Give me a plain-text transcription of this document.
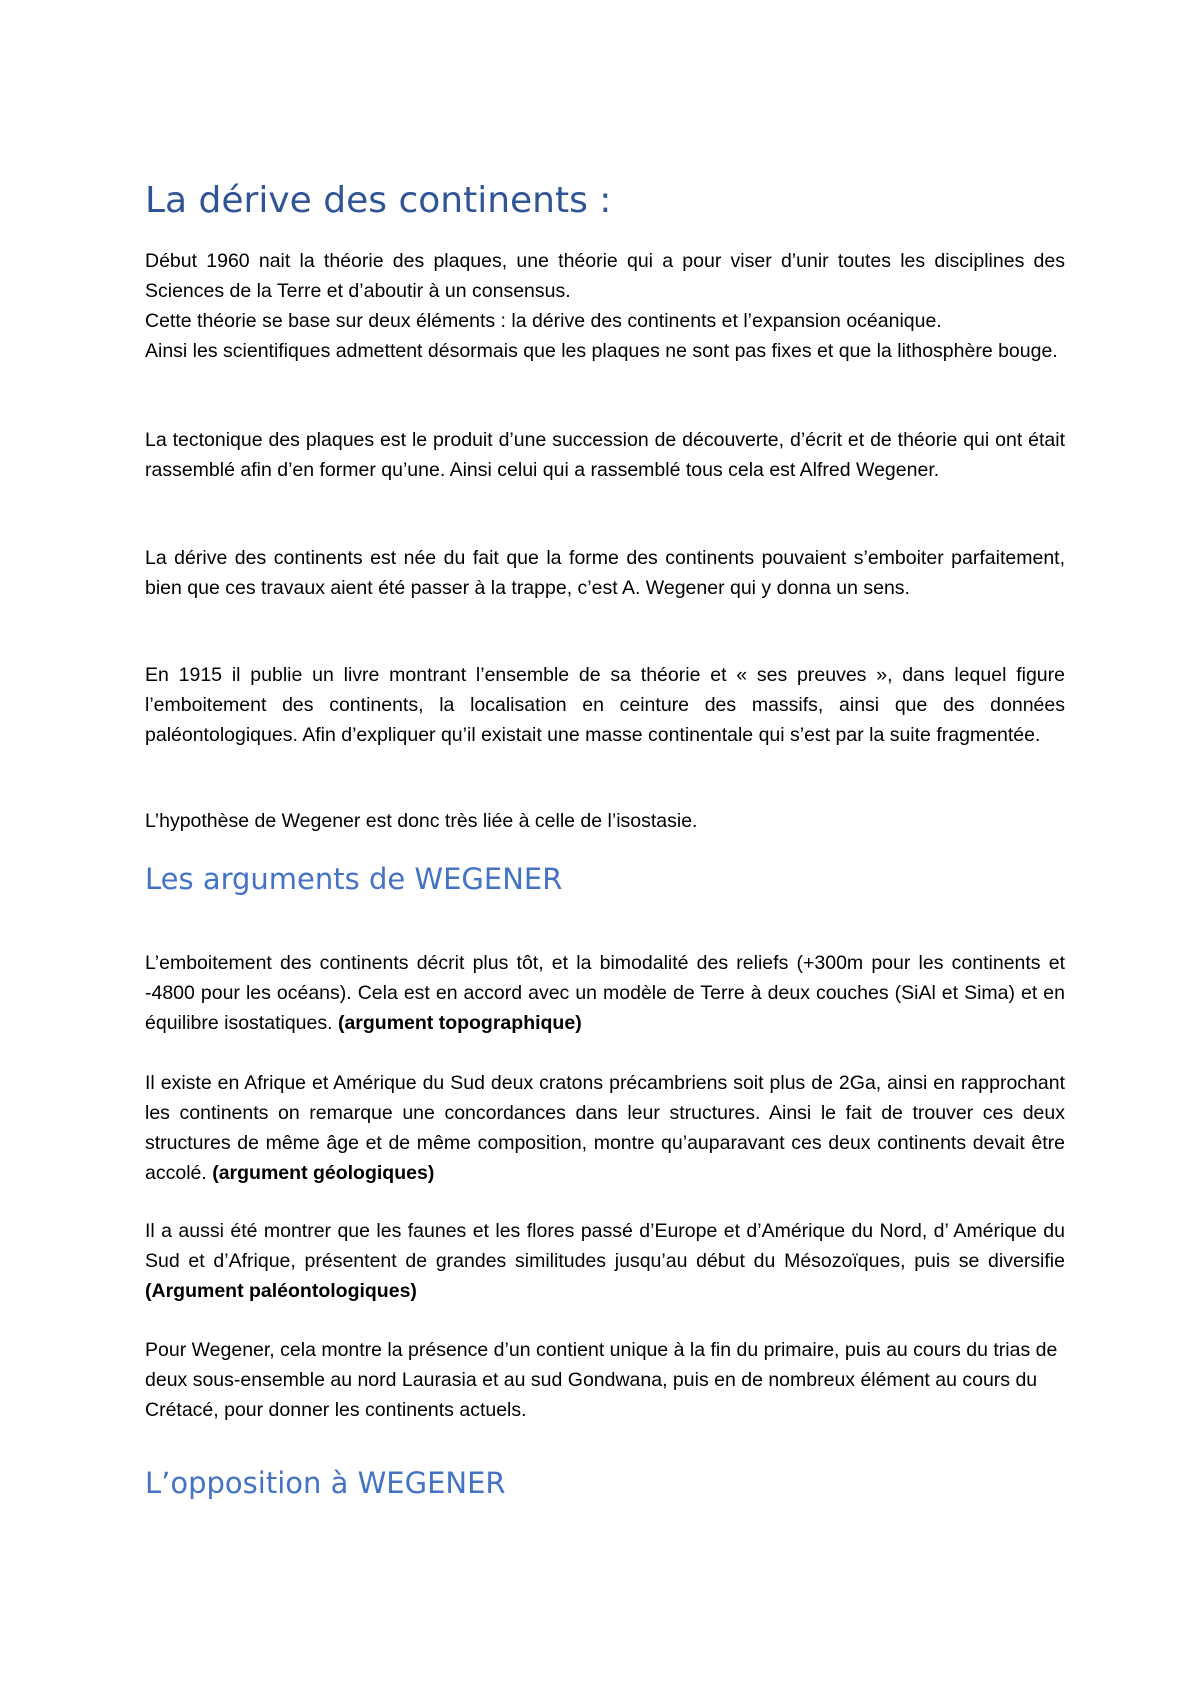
La dérive des continents :

Début 1960 nait la théorie des plaques, une théorie qui a pour viser d’unir toutes les disciplines des Sciences de la Terre et d’aboutir à un consensus.

Cette théorie se base sur deux éléments : la dérive des continents et l’expansion océanique.

Ainsi les scientifiques admettent désormais que les plaques ne sont pas fixes et que la lithosphère bouge.

La tectonique des plaques est le produit d’une succession de découverte, d’écrit et de théorie qui ont était rassemblé afin d’en former qu’une. Ainsi celui qui a rassemblé tous cela est Alfred Wegener.

La dérive des continents est née du fait que la forme des continents pouvaient s’emboiter parfaitement, bien que ces travaux aient été passer à la trappe, c’est A. Wegener qui y donna un sens.

En 1915 il publie un livre montrant l’ensemble de sa théorie et « ses preuves », dans lequel figure l’emboitement des continents, la localisation en ceinture des massifs, ainsi que des données paléontologiques. Afin d’expliquer qu’il existait une masse continentale qui s’est par la suite fragmentée.

L’hypothèse de Wegener est donc très liée à celle de l’isostasie.

Les arguments de WEGENER

L’emboitement des continents décrit plus tôt, et la bimodalité des reliefs (+300m pour les continents et -4800 pour les océans). Cela est en accord avec un modèle de Terre à deux couches (SiAl et Sima) et en équilibre isostatiques. (argument topographique)

Il existe en Afrique et Amérique du Sud deux cratons précambriens soit plus de 2Ga, ainsi en rapprochant les continents on remarque une concordances dans leur structures. Ainsi le fait de trouver ces deux structures de même âge et de même composition, montre qu’auparavant ces deux continents devait être accolé. (argument géologiques)

Il a aussi été montrer que les faunes et les flores passé d’Europe et d’Amérique du Nord, d’ Amérique du Sud et d’Afrique, présentent de grandes similitudes jusqu’au début du Mésozoïques, puis se diversifie (Argument paléontologiques)

Pour Wegener, cela montre la présence d’un contient unique à la fin du primaire, puis au cours du trias de deux sous-ensemble au nord Laurasia et au sud Gondwana, puis en de nombreux élément au cours du Crétacé, pour donner les continents actuels.

L’opposition à WEGENER
